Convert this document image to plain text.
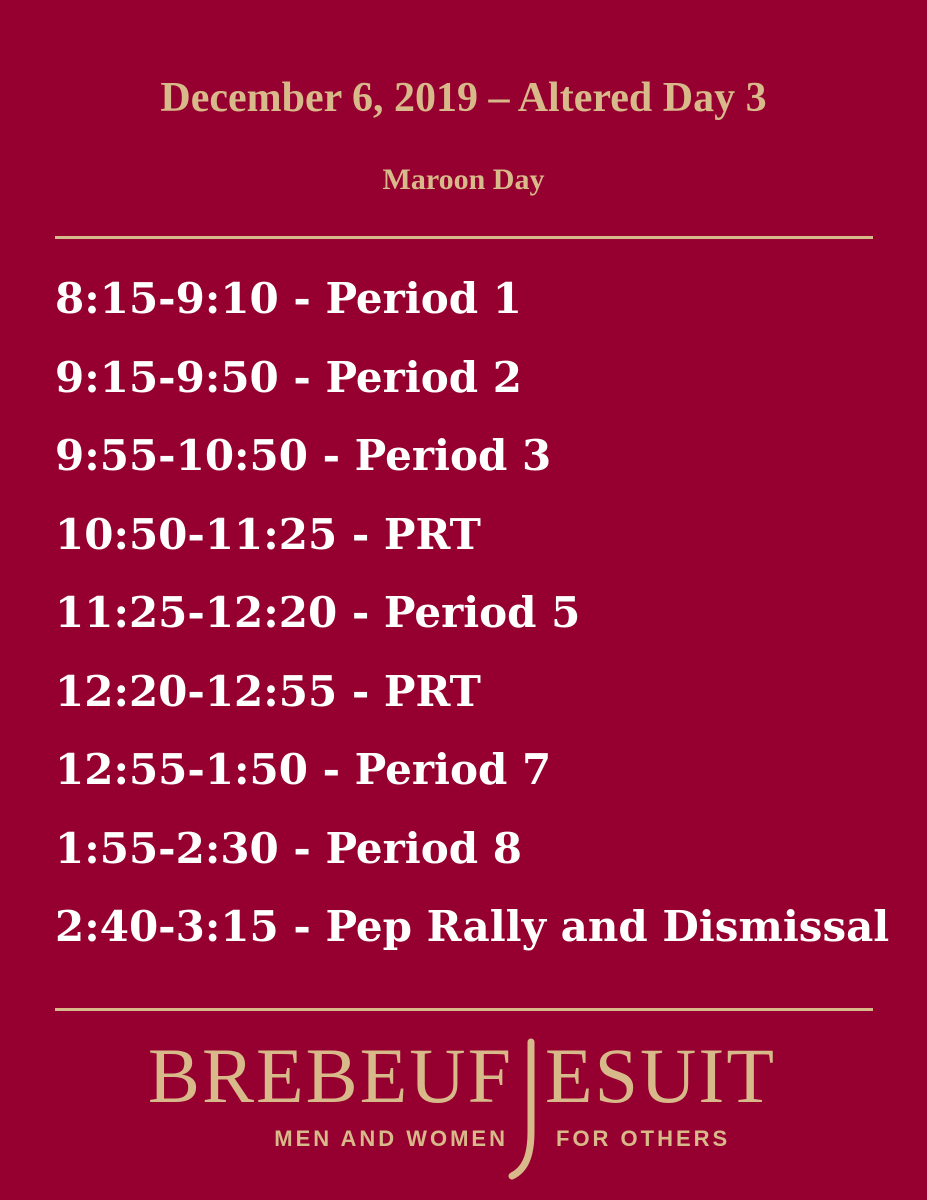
December 6, 2019 – Altered Day 3
Maroon Day
8:15-9:10 - Period 1
9:15-9:50 - Period 2
9:55-10:50 - Period 3
10:50-11:25 - PRT
11:25-12:20 - Period 5
12:20-12:55 - PRT
12:55-1:50 - Period 7
1:55-2:30 - Period 8
2:40-3:15 - Pep Rally and Dismissal
BREBEUF ESUIT
MEN AND WOMEN FOR OTHERS
